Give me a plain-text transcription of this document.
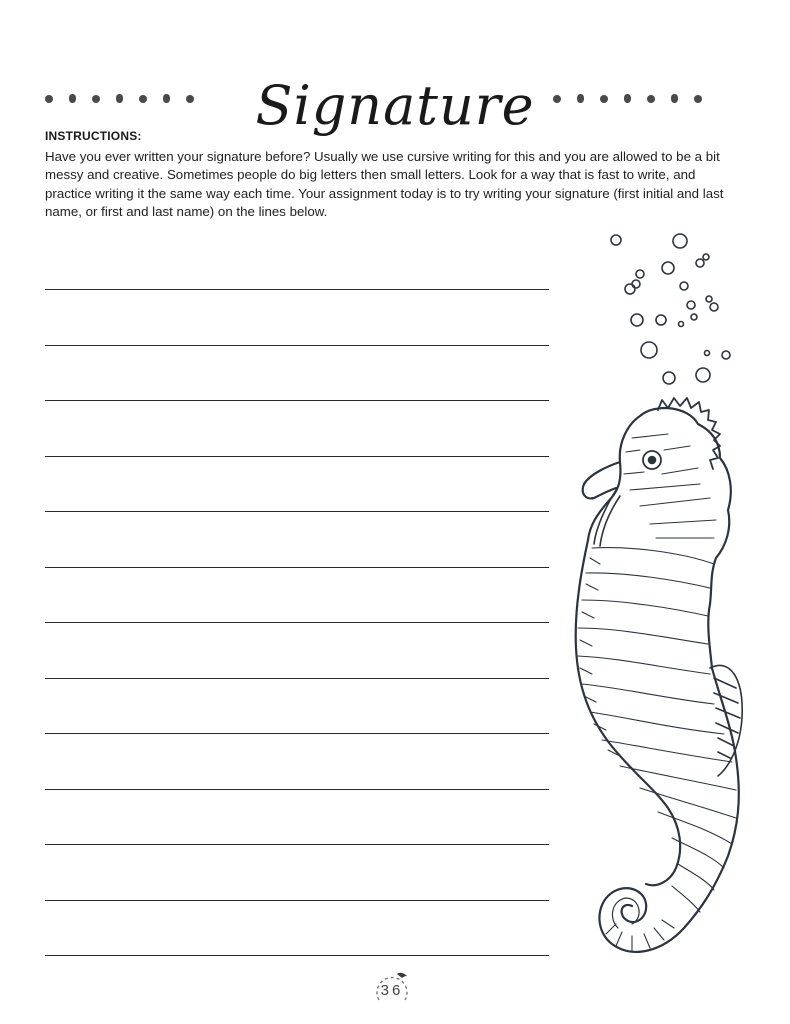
Signature
INSTRUCTIONS:
Have you ever written your signature before? Usually we use cursive writing for this and you are allowed to be a bit messy and creative. Sometimes people do big letters then small letters. Look for a way that is fast to write, and practice writing it the same way each time. Your assignment today is to try writing your signature (first initial and last name, or first and last name) on the lines below.
36
